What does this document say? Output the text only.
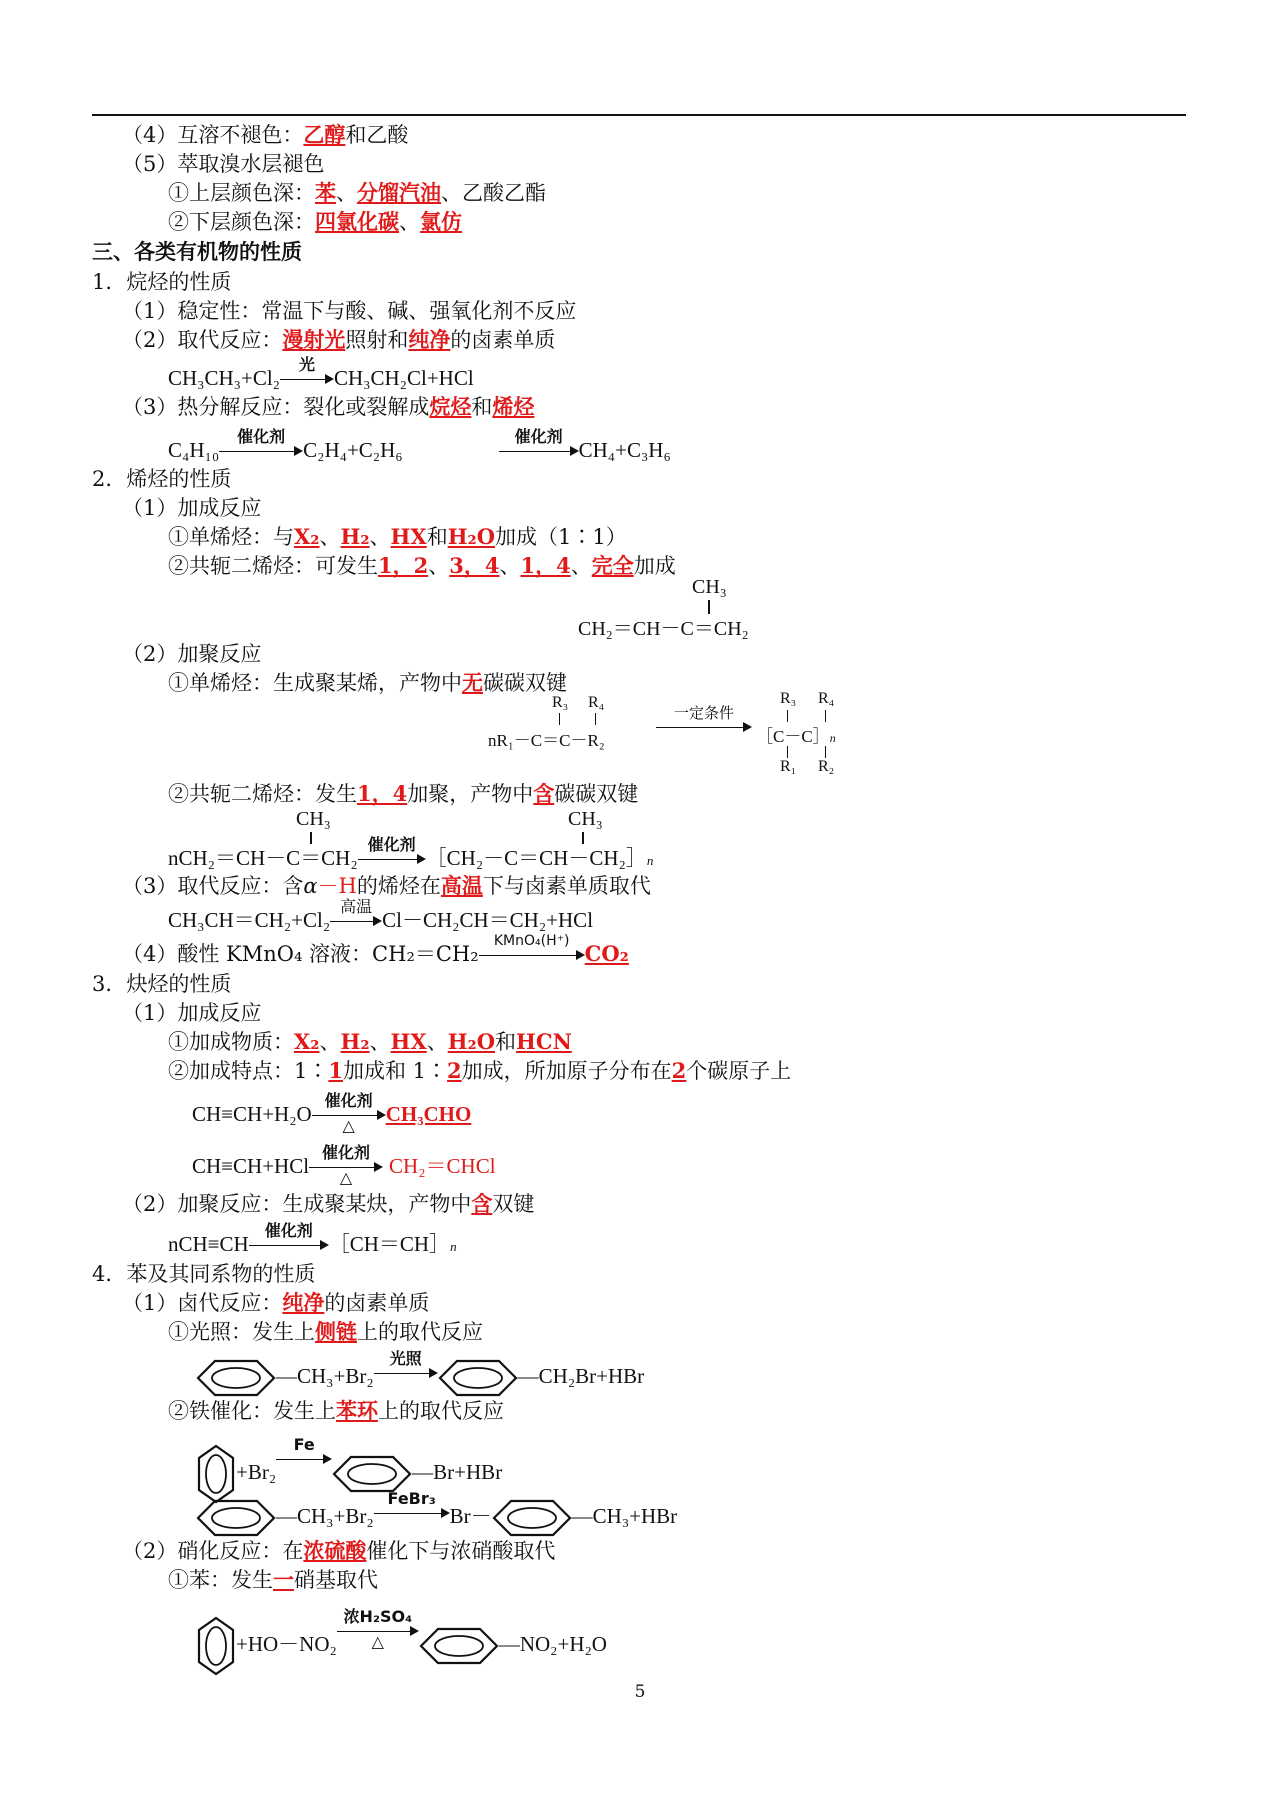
（4）互溶不褪色：乙醇和乙酸
（5）萃取溴水层褪色
①上层颜色深：苯、分馏汽油、乙酸乙酯
②下层颜色深：四氯化碳、氯仿
三、各类有机物的性质
1．烷烃的性质
（1）稳定性：常温下与酸、碱、强氧化剂不反应
（2）取代反应：漫射光照射和纯净的卤素单质
CH₃CH₃+Cl₂
光
CH₃CH₂Cl+HCl
（3）热分解反应：裂化或裂解成烷烃和烯烃
C₄H₁₀
催化剂
C₂H₄+C₂H₆
催化剂
CH₄+C₃H₆
2．烯烃的性质
（1）加成反应
①单烯烃：与X₂、H₂、HX和H₂O加成（1∶1）
②共轭二烯烃：可发生1，2、3，4、1，4、完全加成
CH₃
CH₂＝CH－C＝CH₂
（2）加聚反应
①单烯烃：生成聚某烯，产物中无碳碳双键
R₃ R₄
nR₁－C＝C－R₂
一定条件
R₃ R₄
［C－C］n
R₁ R₂
②共轭二烯烃：发生1，4加聚，产物中含碳碳双键
CH₃	CH₃
nCH₂＝CH－C＝CH₂
催化剂
［CH₂－C＝CH－CH₂］n
（3）取代反应：含α－H的烯烃在高温下与卤素单质取代
CH₃CH＝CH₂+Cl₂
高温
Cl－CH₂CH＝CH₂+HCl
（4）酸性 KMnO₄ 溶液：CH₂＝CH₂
KMnO₄(H⁺) CO₂
3．炔烃的性质
（1）加成反应
①加成物质：X₂、H₂、HX、H₂O和HCN
②加成特点：1∶1加成和 1∶2加成，所加原子分布在2个碳原子上
CH≡CH+H₂O
催化剂
△
CH₃CHO
CH≡CH+HCl
催化剂
△
CH₂＝CHCl
（2）加聚反应：生成聚某炔，产物中含双键
nCH≡CH
催化剂
［CH＝CH］n
4．苯及其同系物的性质
（1）卤代反应：纯净的卤素单质
①光照：发生上侧链上的取代反应
—CH₃+Br₂
光照
—CH₂Br+HBr
②铁催化：发生上苯环上的取代反应
+Br₂
Fe
—Br+HBr
—CH₃+Br₂
FeBr₃
Br－	—CH₃+HBr
（2）硝化反应：在浓硫酸催化下与浓硝酸取代
①苯：发生一硝基取代
+HO－NO₂
浓H₂SO₄
△	—NO₂+H₂O
5
